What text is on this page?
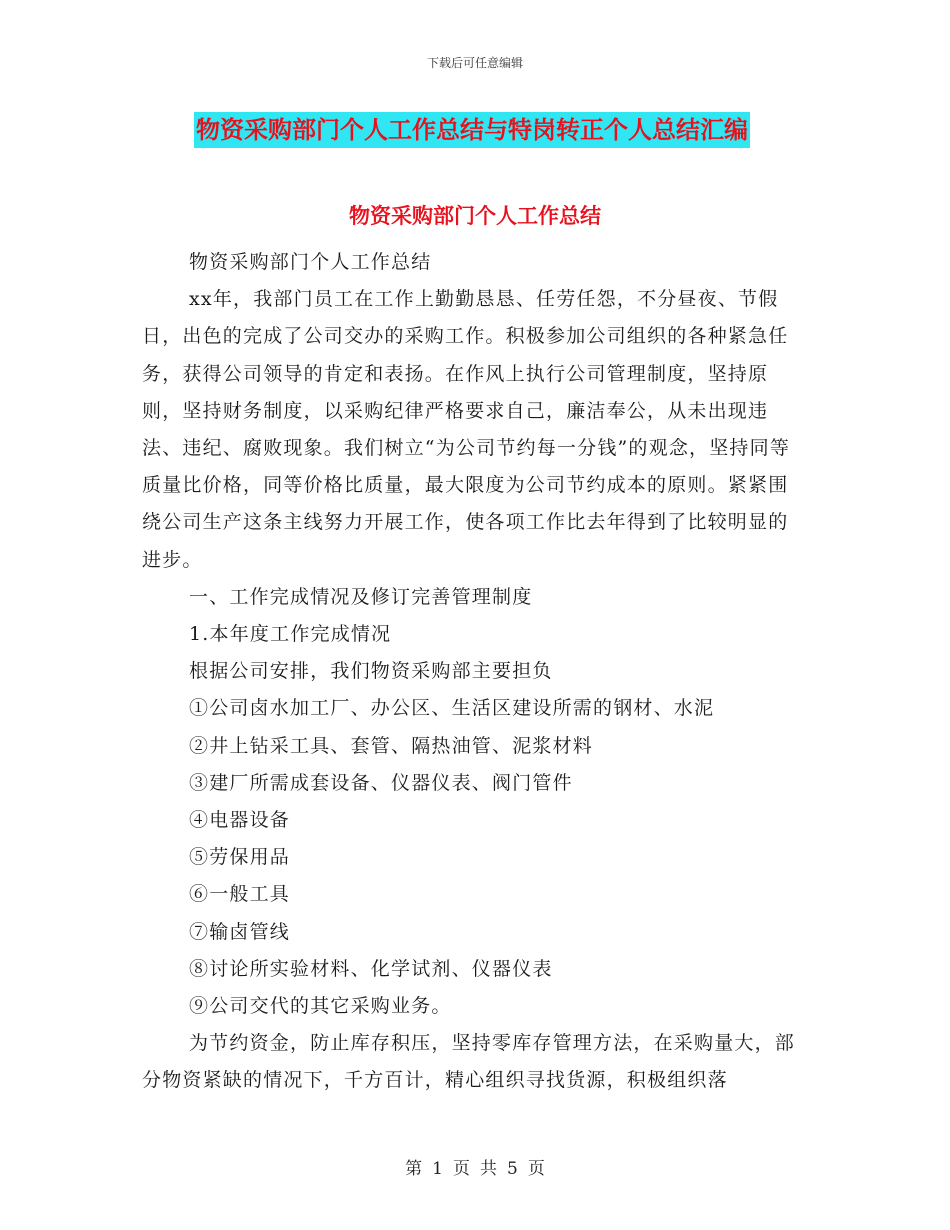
下载后可任意编辑
物资采购部门个人工作总结与特岗转正个人总结汇编
物资采购部门个人工作总结

物资采购部门个人工作总结

xx年，我部门员工在工作上勤勤恳恳、任劳任怨，不分昼夜、节假日，出色的完成了公司交办的采购工作。积极参加公司组织的各种紧急任务，获得公司领导的肯定和表扬。在作风上执行公司管理制度，坚持原则，坚持财务制度，以采购纪律严格要求自己，廉洁奉公，从未出现违法、违纪、腐败现象。我们树立“为公司节约每一分钱”的观念，坚持同等质量比价格，同等价格比质量，最大限度为公司节约成本的原则。紧紧围绕公司生产这条主线努力开展工作，使各项工作比去年得到了比较明显的进步。

一、工作完成情况及修订完善管理制度

1.本年度工作完成情况

根据公司安排，我们物资采购部主要担负

①公司卤水加工厂、办公区、生活区建设所需的钢材、水泥

②井上钻采工具、套管、隔热油管、泥浆材料

③建厂所需成套设备、仪器仪表、阀门管件

④电器设备

⑤劳保用品

⑥一般工具

⑦输卤管线

⑧讨论所实验材料、化学试剂、仪器仪表

⑨公司交代的其它采购业务。

为节约资金，防止库存积压，坚持零库存管理方法，在采购量大，部分物资紧缺的情况下，千方百计，精心组织寻找货源，积极组织落

第 1 页 共 5 页
